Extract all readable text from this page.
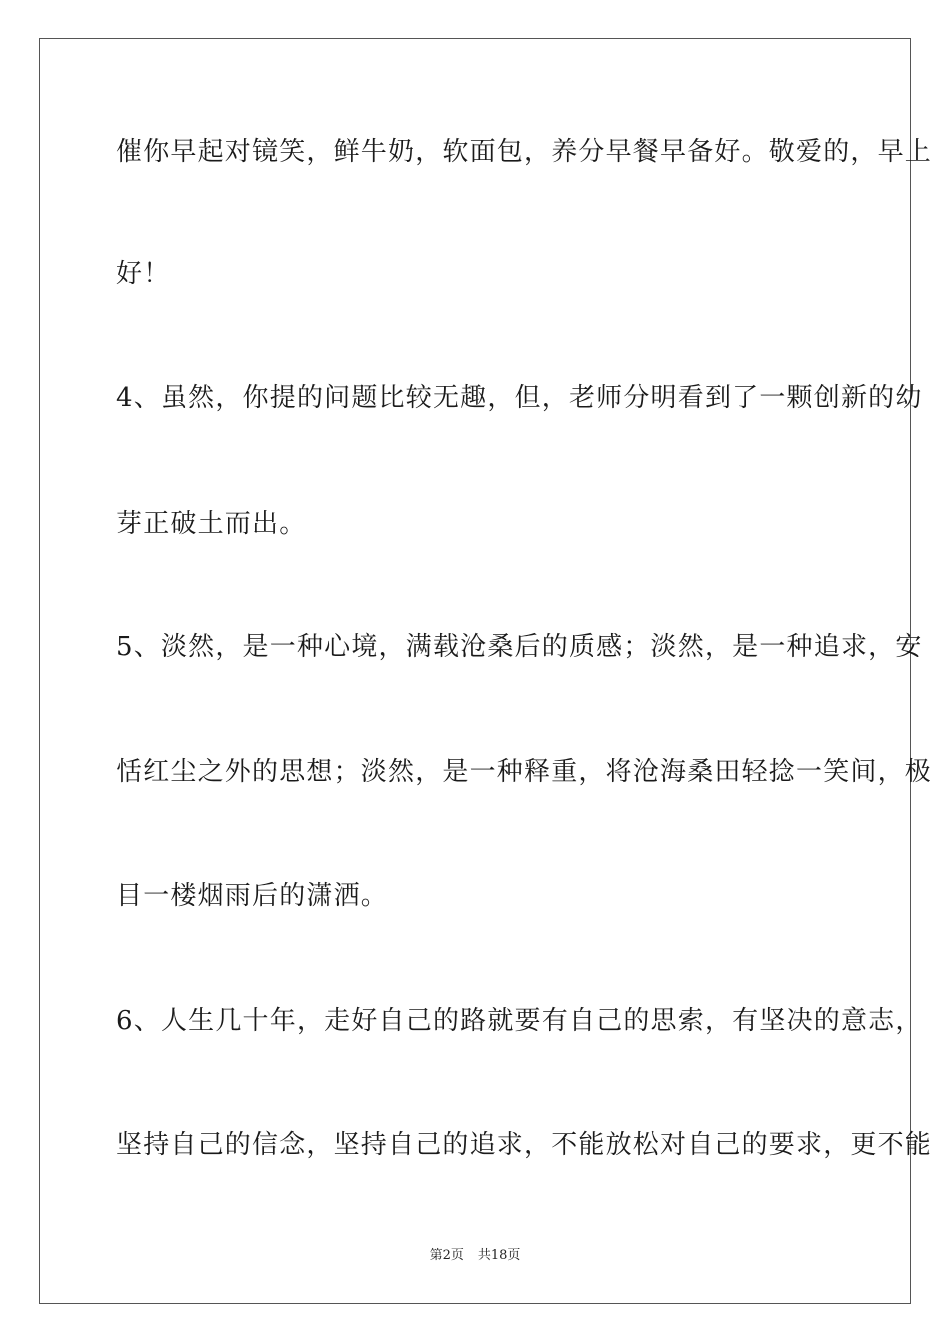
催你早起对镜笑，鲜牛奶，软面包，养分早餐早备好。敬爱的，早上
好！
4、虽然，你提的问题比较无趣，但，老师分明看到了一颗创新的幼
芽正破土而出。
5、淡然，是一种心境，满载沧桑后的质感；淡然，是一种追求，安
恬红尘之外的思想；淡然，是一种释重，将沧海桑田轻捻一笑间，极
目一楼烟雨后的潇洒。
6、人生几十年，走好自己的路就要有自己的思索，有坚决的意志，
坚持自己的信念，坚持自己的追求，不能放松对自己的要求，更不能
第2页 共18页
